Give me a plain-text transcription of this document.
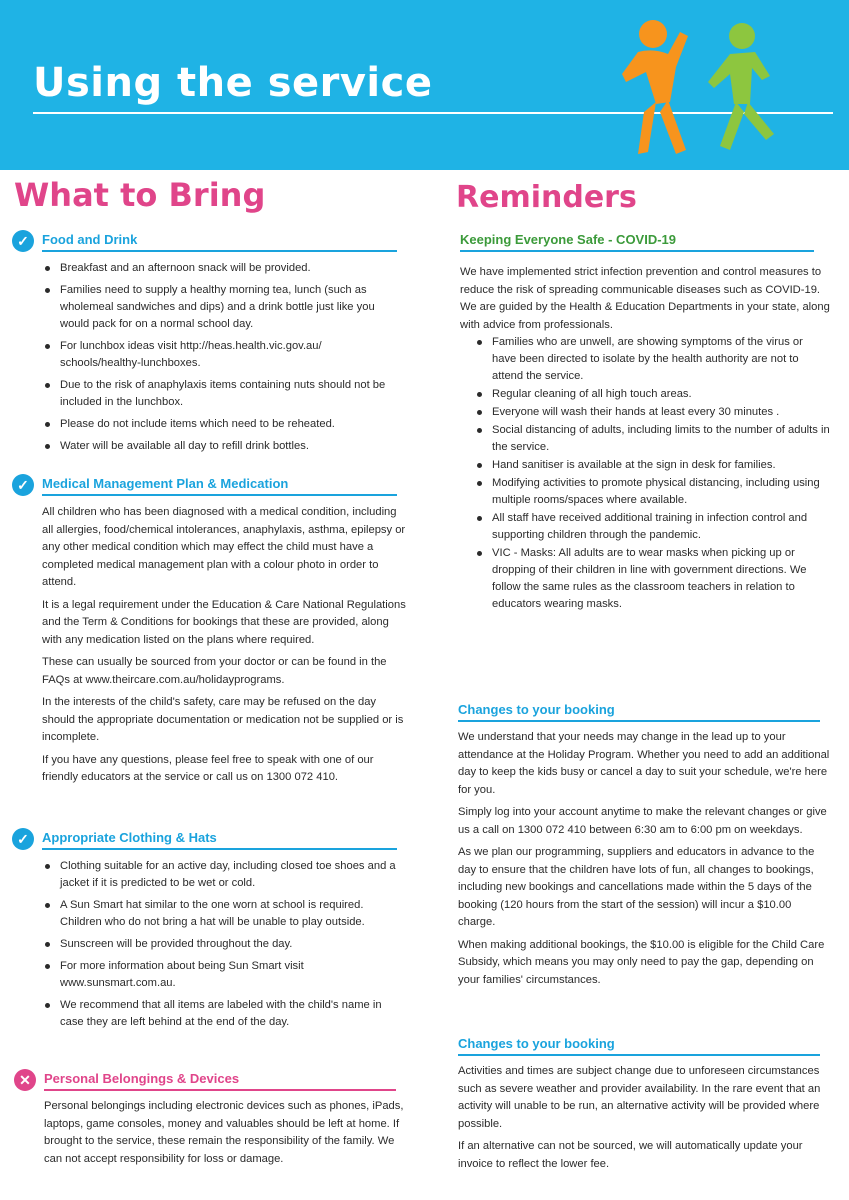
Using the service
What to Bring
✓	Food and Drink
Breakfast and an afternoon snack will be provided.
Families need to supply a healthy morning tea, lunch (such as wholemeal sandwiches and dips) and a drink bottle just like you would pack for on a normal school day.
For lunchbox ideas visit http://heas.health.vic.gov.au/ schools/healthy-lunchboxes.
Due to the risk of anaphylaxis items containing nuts should not be included in the lunchbox.
Please do not include items which need to be reheated.
Water will be available all day to refill drink bottles.
✓	Medical Management Plan & Medication

All children who has been diagnosed with a medical condition, including all allergies, food/chemical intolerances, anaphylaxis, asthma, epilepsy or any other medical condition which may effect the child must have a completed medical management plan with a colour photo in order to attend.

It is a legal requirement under the Education & Care National Regulations and the Term & Conditions for bookings that these are provided, along with any medication listed on the plans where required.

These can usually be sourced from your doctor or can be found in the FAQs at www.theircare.com.au/holidayprograms.

In the interests of the child's safety, care may be refused on the day should the appropriate documentation or medication not be supplied or is incomplete.

If you have any questions, please feel free to speak with one of our friendly educators at the service or call us on 1300 072 410.

✓	Appropriate Clothing & Hats
Clothing suitable for an active day, including closed toe shoes and a jacket if it is predicted to be wet or cold.
A Sun Smart hat similar to the one worn at school is required. Children who do not bring a hat will be unable to play outside.
Sunscreen will be provided throughout the day.
For more information about being Sun Smart visit www.sunsmart.com.au.
We recommend that all items are labeled with the child's name in case they are left behind at the end of the day.
✕	Personal Belongings & Devices

Personal belongings including electronic devices such as phones, iPads, laptops, game consoles, money and valuables should be left at home. If brought to the service, these remain the responsibility of the family. We can not accept responsibility for loss or damage.

Reminders
Keeping Everyone Safe - COVID-19

We have implemented strict infection prevention and control measures to reduce the risk of spreading communicable diseases such as COVID-19. We are guided by the Health & Education Departments in your state, along with advice from professionals.

Families who are unwell, are showing symptoms of the virus or have been directed to isolate by the health authority are not to attend the service.
Regular cleaning of all high touch areas.
Everyone will wash their hands at least every 30 minutes .
Social distancing of adults, including limits to the number of adults in the service.
Hand sanitiser is available at the sign in desk for families.
Modifying activities to promote physical distancing, including using multiple rooms/spaces where available.
All staff have received additional training in infection control and supporting children through the pandemic.
VIC - Masks: All adults are to wear masks when picking up or dropping of their children in line with government directions. We follow the same rules as the classroom teachers in relation to educators wearing masks.
Changes to your booking

We understand that your needs may change in the lead up to your attendance at the Holiday Program. Whether you need to add an additional day to keep the kids busy or cancel a day to suit your schedule, we're here for you.

Simply log into your account anytime to make the relevant changes or give us a call on 1300 072 410 between 6:30 am to 6:00 pm on weekdays.

As we plan our programming, suppliers and educators in advance to the day to ensure that the children have lots of fun, all changes to bookings, including new bookings and cancellations made within the 5 days of the booking (120 hours from the start of the session) will incur a $10.00 charge.

When making additional bookings, the $10.00 is eligible for the Child Care Subsidy, which means you may only need to pay the gap, depending on your families' circumstances.

Changes to your booking

Activities and times are subject change due to unforeseen circumstances such as severe weather and provider availability. In the rare event that an activity will unable to be run, an alternative activity will be provided where possible.

If an alternative can not be sourced, we will automatically update your invoice to reflect the lower fee.
